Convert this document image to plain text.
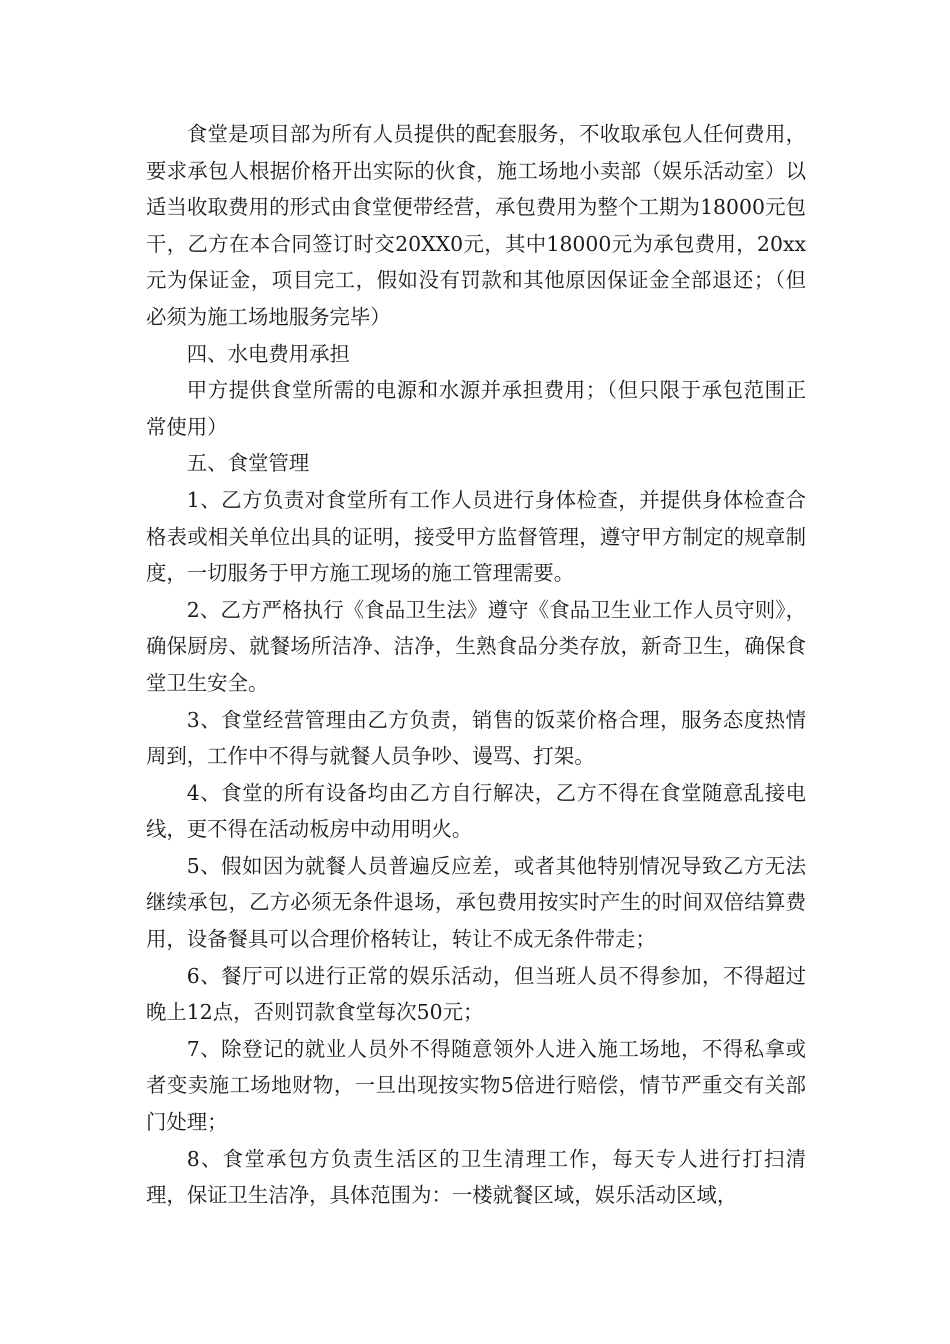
食堂是项目部为所有人员提供的配套服务，不收取承包人任何费用，要求承包人根据价格开出实际的伙食，施工场地小卖部（娱乐活动室）以适当收取费用的形式由食堂便带经营，承包费用为整个工期为18000元包干，乙方在本合同签订时交20XX0元，其中18000元为承包费用，20xx元为保证金，项目完工，假如没有罚款和其他原因保证金全部退还；（但必须为施工场地服务完毕）

四、水电费用承担

甲方提供食堂所需的电源和水源并承担费用；（但只限于承包范围正常使用）

五、食堂管理

1、乙方负责对食堂所有工作人员进行身体检查，并提供身体检查合格表或相关单位出具的证明，接受甲方监督管理，遵守甲方制定的规章制度，一切服务于甲方施工现场的施工管理需要。

2、乙方严格执行《食品卫生法》遵守《食品卫生业工作人员守则》，确保厨房、就餐场所洁净、洁净，生熟食品分类存放，新奇卫生，确保食堂卫生安全。

3、食堂经营管理由乙方负责，销售的饭菜价格合理，服务态度热情周到，工作中不得与就餐人员争吵、谩骂、打架。

4、食堂的所有设备均由乙方自行解决，乙方不得在食堂随意乱接电线，更不得在活动板房中动用明火。

5、假如因为就餐人员普遍反应差，或者其他特别情况导致乙方无法继续承包，乙方必须无条件退场，承包费用按实时产生的时间双倍结算费用，设备餐具可以合理价格转让，转让不成无条件带走；

6、餐厅可以进行正常的娱乐活动，但当班人员不得参加，不得超过晚上12点，否则罚款食堂每次50元；

7、除登记的就业人员外不得随意领外人进入施工场地，不得私拿或者变卖施工场地财物，一旦出现按实物5倍进行赔偿，情节严重交有关部门处理；

8、食堂承包方负责生活区的卫生清理工作，每天专人进行打扫清理，保证卫生洁净，具体范围为：一楼就餐区域，娱乐活动区域，
